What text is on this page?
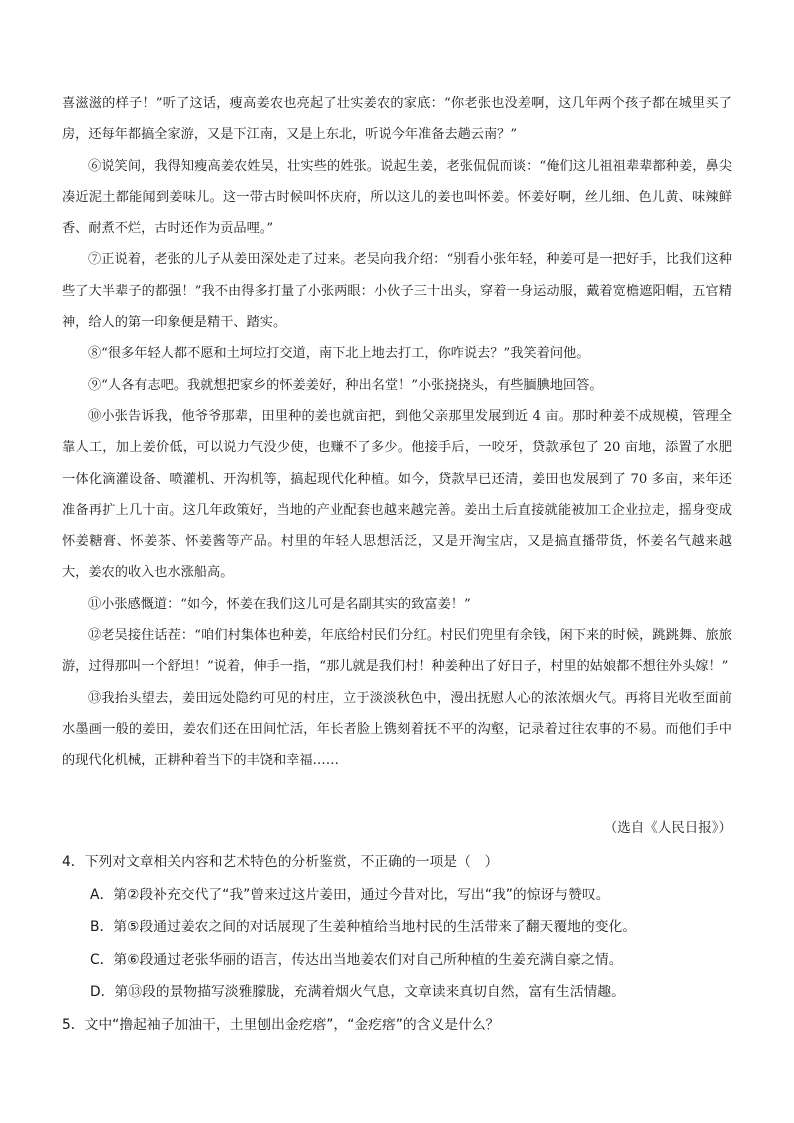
喜滋滋的样子！”听了这话，瘦高姜农也亮起了壮实姜农的家底：“你老张也没差啊，这几年两个孩子都在城里买了房，还每年都搞全家游，又是下江南，又是上东北，听说今年准备去趟云南？”

⑥说笑间，我得知瘦高姜农姓吴，壮实些的姓张。说起生姜，老张侃侃而谈：“俺们这儿祖祖辈辈都种姜，鼻尖凑近泥土都能闻到姜味儿。这一带古时候叫怀庆府，所以这儿的姜也叫怀姜。怀姜好啊，丝儿细、色儿黄、味辣鲜香、耐煮不烂，古时还作为贡品哩。”

⑦正说着，老张的儿子从姜田深处走了过来。老吴向我介绍：“别看小张年轻，种姜可是一把好手，比我们这种些了大半辈子的都强！”我不由得多打量了小张两眼：小伙子三十出头，穿着一身运动服，戴着宽檐遮阳帽，五官精神，给人的第一印象便是精干、踏实。

⑧“很多年轻人都不愿和土坷垃打交道，南下北上地去打工，你咋说去？”我笑着问他。

⑨“人各有志吧。我就想把家乡的怀姜姜好，种出名堂！”小张挠挠头，有些腼腆地回答。

⑩小张告诉我，他爷爷那辈，田里种的姜也就亩把，到他父亲那里发展到近 4 亩。那时种姜不成规模，管理全靠人工，加上姜价低，可以说力气没少使，也赚不了多少。他接手后，一咬牙，贷款承包了 20 亩地，添置了水肥一体化滴灌设备、喷灌机、开沟机等，搞起现代化种植。如今，贷款早已还清，姜田也发展到了 70 多亩，来年还准备再扩上几十亩。这几年政策好，当地的产业配套也越来越完善。姜出土后直接就能被加工企业拉走，摇身变成怀姜糖膏、怀姜茶、怀姜酱等产品。村里的年轻人思想活泛，又是开淘宝店，又是搞直播带货，怀姜名气越来越大，姜农的收入也水涨船高。

⑪小张感慨道：“如今，怀姜在我们这儿可是名副其实的致富姜！”

⑫老吴接住话茬：“咱们村集体也种姜，年底给村民们分红。村民们兜里有余钱，闲下来的时候，跳跳舞、旅旅游，过得那叫一个舒坦！”说着，伸手一指，“那儿就是我们村！种姜种出了好日子，村里的姑娘都不想往外头嫁！”

⑬我抬头望去，姜田远处隐约可见的村庄，立于淡淡秋色中，漫出抚慰人心的浓浓烟火气。再将目光收至面前水墨画一般的姜田，姜农们还在田间忙活，年长者脸上镌刻着抚不平的沟壑，记录着过往农事的不易。而他们手中的现代化机械，正耕种着当下的丰饶和幸福……

（选自《人民日报》）

4．下列对文章相关内容和艺术特色的分析鉴赏，不正确的一项是（　）

A．第②段补充交代了“我”曾来过这片姜田，通过今昔对比，写出“我”的惊讶与赞叹。

B．第⑤段通过姜农之间的对话展现了生姜种植给当地村民的生活带来了翻天覆地的变化。

C．第⑥段通过老张华丽的语言，传达出当地姜农们对自己所种植的生姜充满自豪之情。

D．第⑬段的景物描写淡雅朦胧，充满着烟火气息，文章读来真切自然，富有生活情趣。

5．文中“撸起袖子加油干，土里刨出金疙瘩”，“金疙瘩”的含义是什么？
